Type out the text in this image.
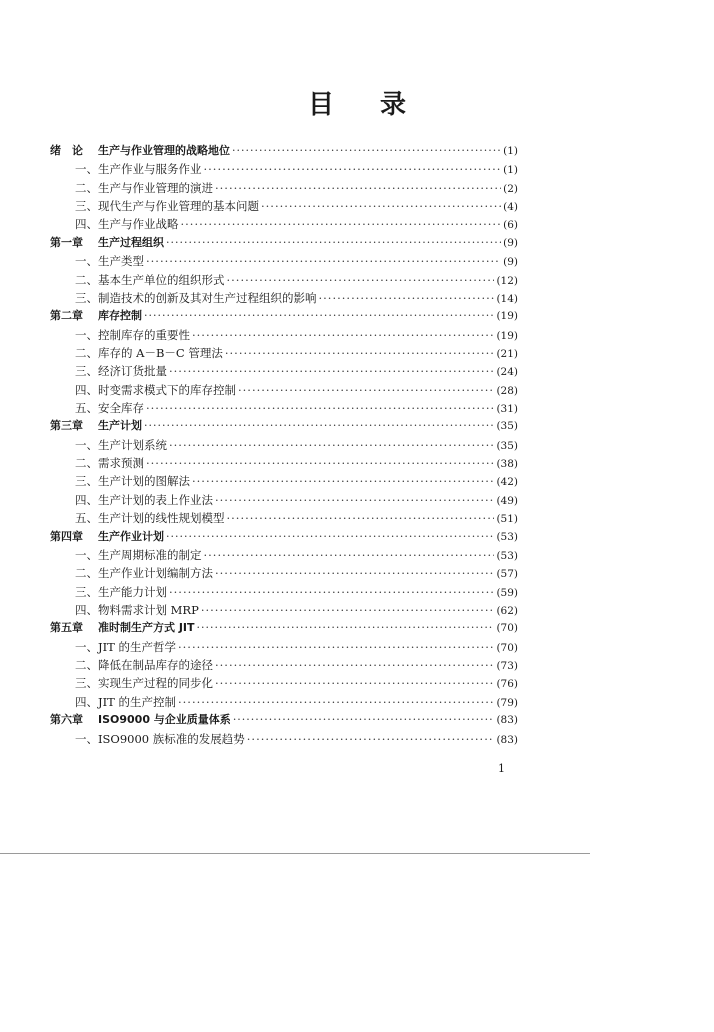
目 录
绪　论	生产与作业管理的战略地位 ·····	(1)
一、生产作业与服务作业 ·····	(1)
二、生产与作业管理的演进 ·····	(2)
三、现代生产与作业管理的基本问题 ·····	(4)
四、生产与作业战略 ·····	(6)
第一章	生产过程组织 ·····	(9)
一、生产类型 ·····	(9)
二、基本生产单位的组织形式 ·····	(12)
三、制造技术的创新及其对生产过程组织的影响 ·····	(14)
第二章	库存控制 ·····	(19)
一、控制库存的重要性 ·····	(19)
二、库存的 A－B－C 管理法 ·····	(21)
三、经济订货批量 ·····	(24)
四、时变需求模式下的库存控制 ·····	(28)
五、安全库存 ·····	(31)
第三章	生产计划 ·····	(35)
一、生产计划系统 ·····	(35)
二、需求预测 ·····	(38)
三、生产计划的图解法 ·····	(42)
四、生产计划的表上作业法 ·····	(49)
五、生产计划的线性规划模型 ·····	(51)
第四章	生产作业计划 ·····	(53)
一、生产周期标准的制定 ·····	(53)
二、生产作业计划编制方法 ·····	(57)
三、生产能力计划 ·····	(59)
四、物料需求计划 MRP ·····	(62)
第五章	准时制生产方式 JIT ·····	(70)
一、JIT 的生产哲学 ·····	(70)
二、降低在制品库存的途径 ·····	(73)
三、实现生产过程的同步化 ·····	(76)
四、JIT 的生产控制 ·····	(79)
第六章	ISO9000 与企业质量体系 ·····	(83)
一、ISO9000 族标准的发展趋势 ·····	(83)
1
